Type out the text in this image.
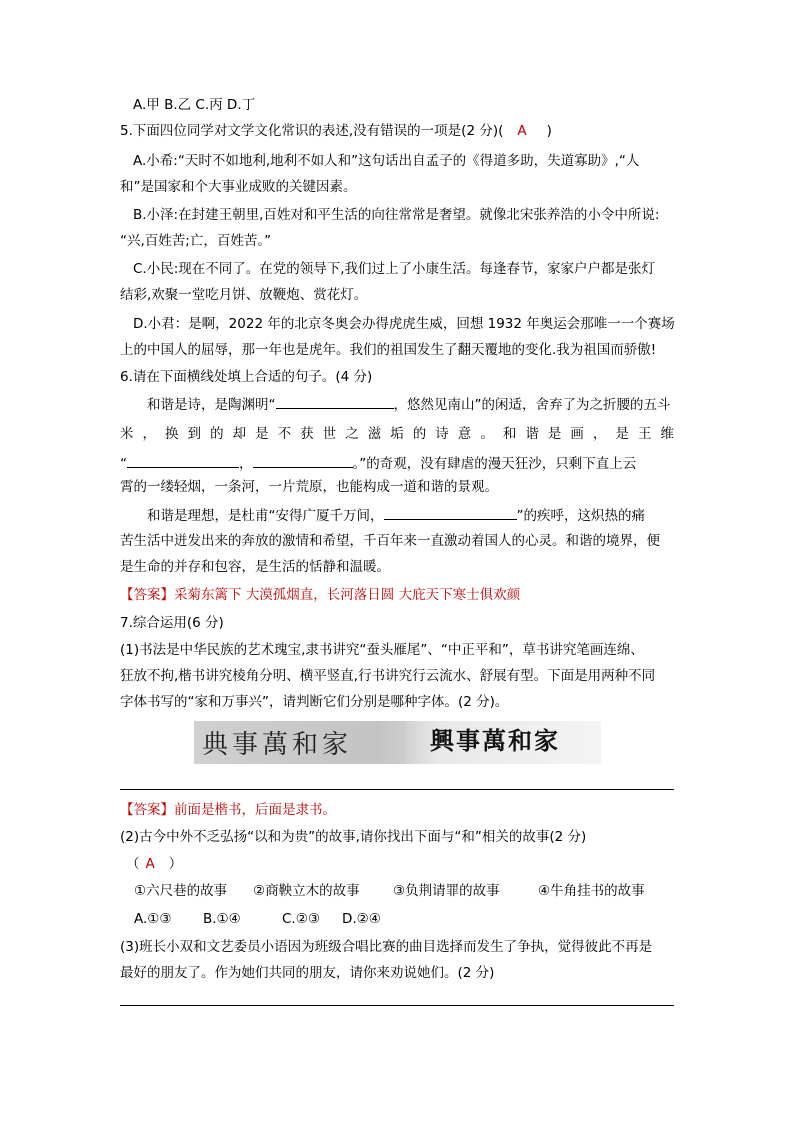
A.甲 B.乙 C.丙 D.丁
5.下面四位同学对文学文化常识的表述,没有错误的一项是(2 分)( A )
A.小希:“天时不如地利,地利不如人和”这句话出自孟子的《得道多助，失道寡助》,“人
和”是国家和个大事业成败的关键因素。
B.小泽:在封建王朝里,百姓对和平生活的向往常常是奢望。就像北宋张养浩的小令中所说:
“兴,百姓苦;亡，百姓苦。”
C.小民:现在不同了。在党的领导下,我们过上了小康生活。每逢春节，家家户户都是张灯
结彩,欢聚一堂吃月饼、放鞭炮、赏花灯。
D.小君：是啊，2022 年的北京冬奥会办得虎虎生威，回想 1932 年奥运会那唯一一个赛场
上的中国人的屈辱，那一年也是虎年。我们的祖国发生了翻天覆地的变化.我为祖国而骄傲!
6.请在下面横线处填上合适的句子。(4 分)
和谐是诗，是陶渊明“	，悠然见南山”的闲适，舍弃了为之折腰的五斗
米，换到的却是不获世之滋垢的诗意。和谐是画，是王维
“	，	。”的奇观，没有肆虐的漫天狂沙，只剩下直上云
霄的一缕轻烟，一条河，一片荒原，也能构成一道和谐的景观。
和谐是理想，是杜甫“安得广厦千万间，	”的疾呼，这炽热的痛
苦生活中迸发出来的奔放的激情和希望，千百年来一直激动着国人的心灵。和谐的境界，便
是生命的并存和包容，是生活的恬静和温暖。
【答案】采菊东篱下 大漠孤烟直，长河落日圆 大庇天下寒士俱欢颜
7.综合运用(6 分)
(1)书法是中华民族的艺术瑰宝,隶书讲究“蚕头雁尾”、“中正平和”，草书讲究笔画连绵、
狂放不拘,楷书讲究棱角分明、横平竖直,行书讲究行云流水、舒展有型。下面是用两种不同
字体书写的“家和万事兴”，请判断它们分别是哪种字体。(2 分)。
典事萬和家	興事萬和家
【答案】前面是楷书，后面是隶书。
(2)古今中外不乏弘扬“以和为贵”的故事,请你找出下面与“和”相关的故事(2 分)
（ A ）
①六尺巷的故事 ②商鞅立木的故事 ③负荆请罪的故事	④牛角挂书的故事
A.①③ B.①④	C.②③ D.②④
(3)班长小双和文艺委员小语因为班级合唱比赛的曲目选择而发生了争执，觉得彼此不再是
最好的朋友了。作为她们共同的朋友，请你来劝说她们。(2 分)
